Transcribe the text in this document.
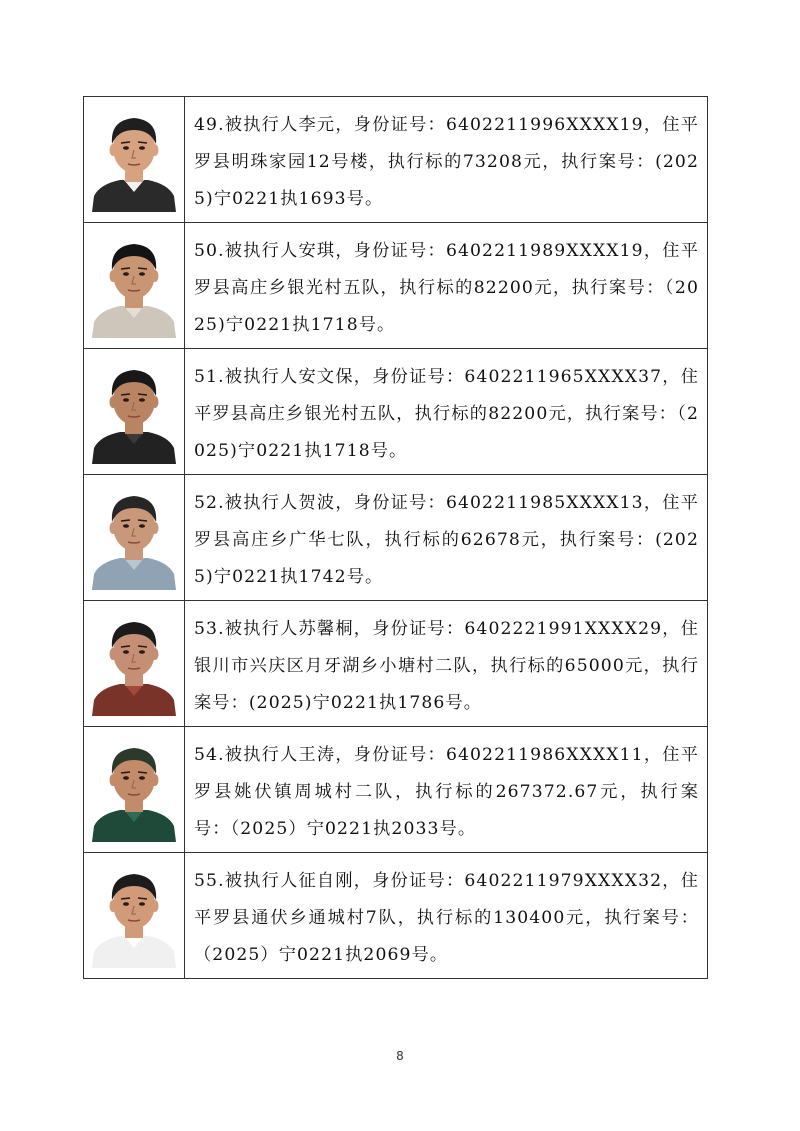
49.被执行人李元，身份证号：6402211996XXXX19，住平罗县明珠家园12号楼，执行标的73208元，执行案号：(2025)宁0221执1693号。
50.被执行人安琪，身份证号：6402211989XXXX19，住平罗县高庄乡银光村五队，执行标的82200元，执行案号：（2025)宁0221执1718号。
51.被执行人安文保，身份证号：6402211965XXXX37，住平罗县高庄乡银光村五队，执行标的82200元，执行案号：（2025)宁0221执1718号。
52.被执行人贺波，身份证号：6402211985XXXX13，住平罗县高庄乡广华七队，执行标的62678元，执行案号：(2025)宁0221执1742号。
53.被执行人苏馨桐，身份证号：6402221991XXXX29，住银川市兴庆区月牙湖乡小塘村二队，执行标的65000元，执行案号：(2025)宁0221执1786号。
54.被执行人王涛，身份证号：6402211986XXXX11，住平罗县姚伏镇周城村二队，执行标的267372.67元，执行案号：（2025）宁0221执2033号。
55.被执行人征自刚，身份证号：6402211979XXXX32，住平罗县通伏乡通城村7队，执行标的130400元，执行案号：（2025）宁0221执2069号。
8
